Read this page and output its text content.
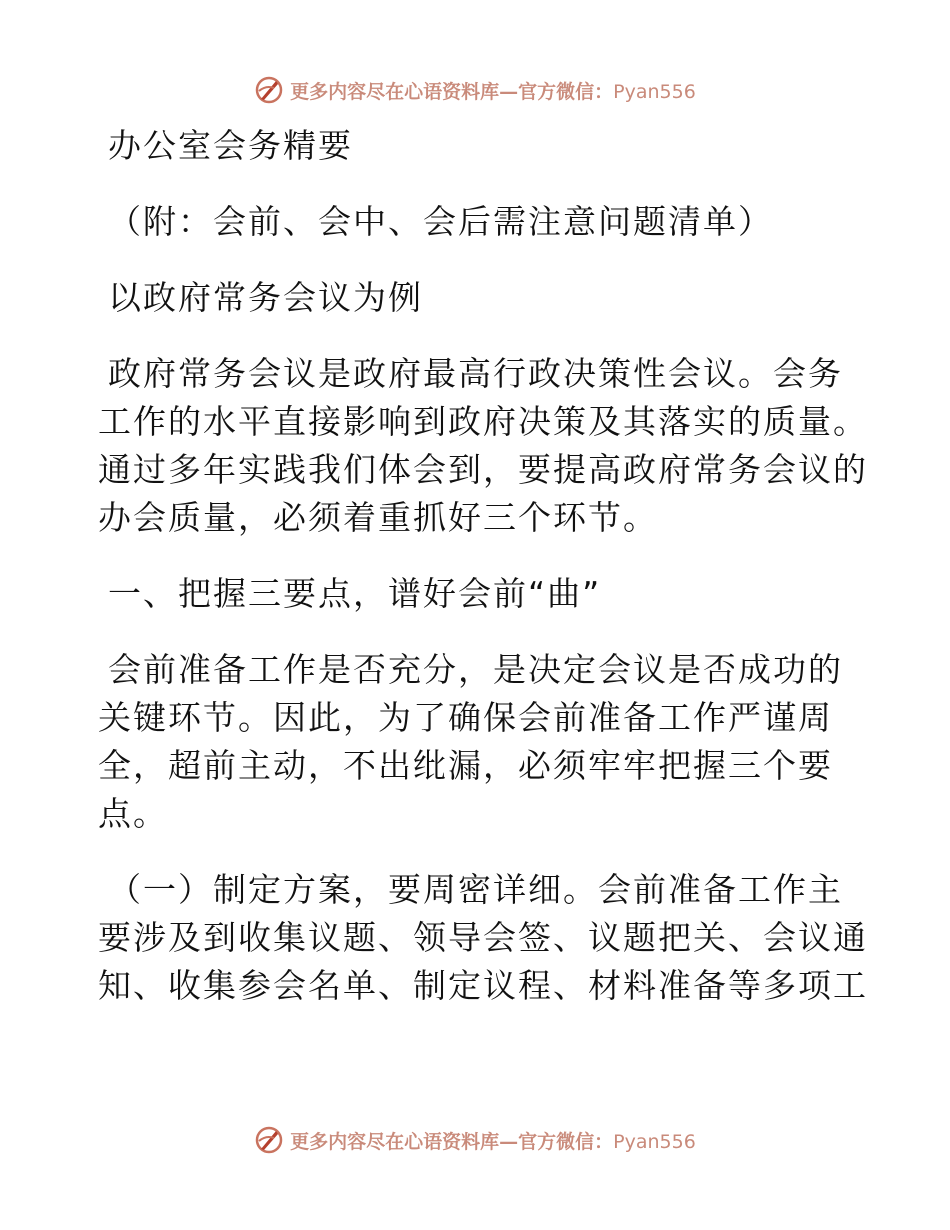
更多内容尽在心语资料库—官方微信：Pyan556
办公室会务精要
（附：会前、会中、会后需注意问题清单）
以政府常务会议为例
政府常务会议是政府最高行政决策性会议。会务
工作的水平直接影响到政府决策及其落实的质量。
通过多年实践我们体会到，要提高政府常务会议的
办会质量，必须着重抓好三个环节。
一、把握三要点，谱好会前“曲”
会前准备工作是否充分，是决定会议是否成功的
关键环节。因此，为了确保会前准备工作严谨周
全，超前主动，不出纰漏，必须牢牢把握三个要
点。
（一）制定方案，要周密详细。会前准备工作主
要涉及到收集议题、领导会签、议题把关、会议通
知、收集参会名单、制定议程、材料准备等多项工
更多内容尽在心语资料库—官方微信：Pyan556
